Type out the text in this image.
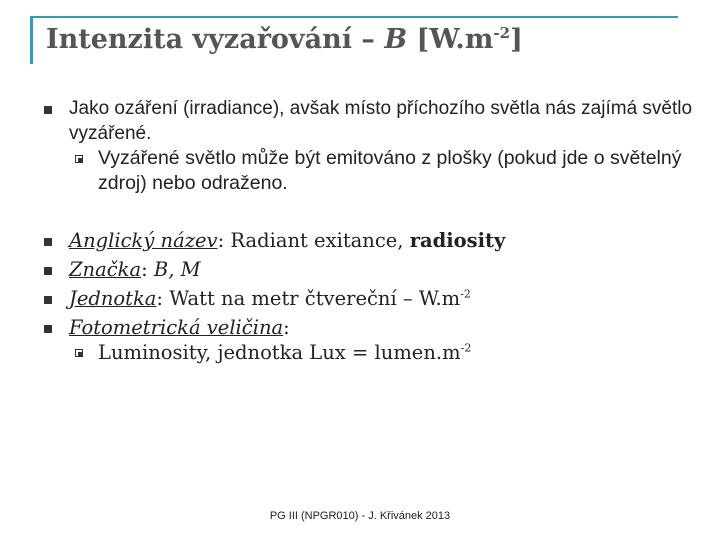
Intenzita vyzařování – B $[W.m^{-2}]$
Jako ozáření (irradiance), avšak místo příchozího světla nás zajímá světlo vyzářené.
Vyzářené světlo může být emitováno z plošky (pokud jde o světelný zdroj) nebo odraženo.
Anglický název: Radiant exitance, radiosity
Značka: B, M
Jednotka: Watt na metr čtvereční – $W.m^{-2}$
Fotometrická veličina:
Luminosity, jednotka Lux = $lumen.m^{-2}$
PG III (NPGR010) - J. Křivánek 2013
